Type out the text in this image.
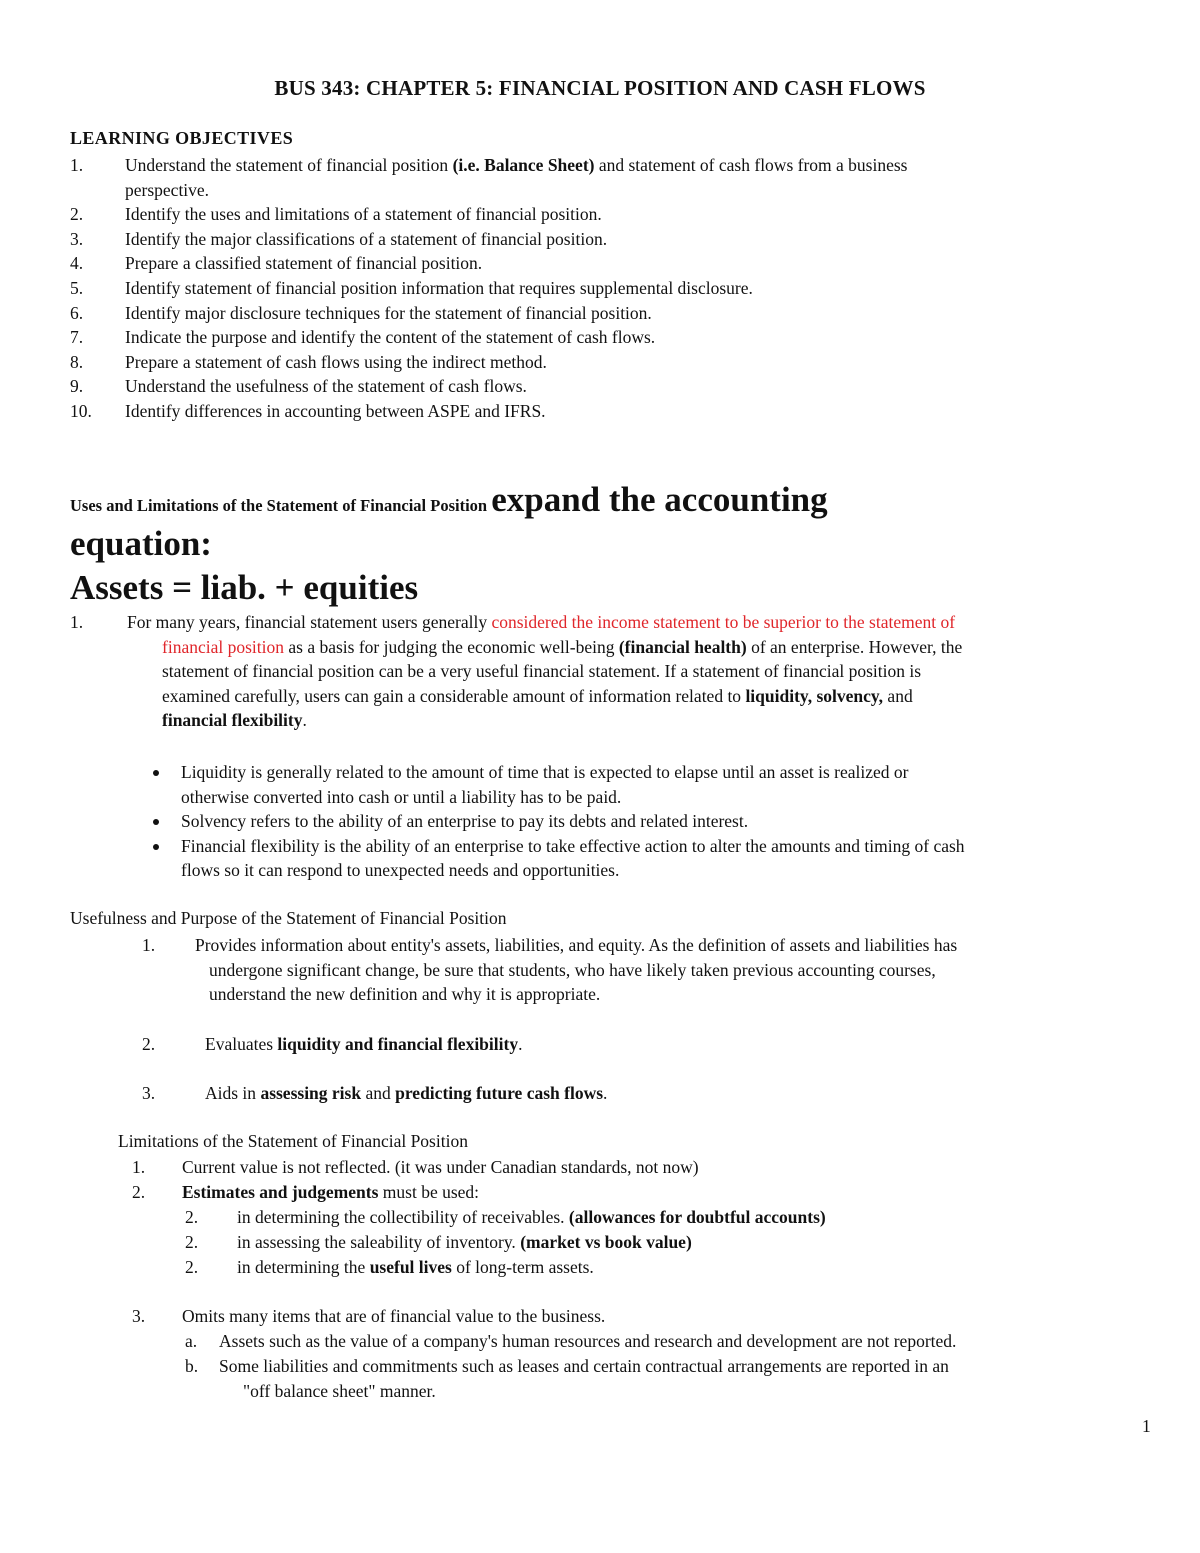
BUS 343: CHAPTER 5: FINANCIAL POSITION AND CASH FLOWS
LEARNING OBJECTIVES
1. Understand the statement of financial position (i.e. Balance Sheet) and statement of cash flows from a business
perspective.
2. Identify the uses and limitations of a statement of financial position.
3. Identify the major classifications of a statement of financial position.
4. Prepare a classified statement of financial position.
5. Identify statement of financial position information that requires supplemental disclosure.
6. Identify major disclosure techniques for the statement of financial position.
7. Indicate the purpose and identify the content of the statement of cash flows.
8. Prepare a statement of cash flows using the indirect method.
9. Understand the usefulness of the statement of cash flows.
10. Identify differences in accounting between ASPE and IFRS.
Uses and Limitations of the Statement of Financial Position expand the accounting
equation:
Assets = liab. + equities
1.	For many years, financial statement users generally considered the income statement to be superior to the statement of
financial position as a basis for judging the economic well-being (financial health) of an enterprise. However, the
statement of financial position can be a very useful financial statement. If a statement of financial position is
examined carefully, users can gain a considerable amount of information related to liquidity, solvency, and
financial flexibility.
Liquidity is generally related to the amount of time that is expected to elapse until an asset is realized or
otherwise converted into cash or until a liability has to be paid.
Solvency refers to the ability of an enterprise to pay its debts and related interest.
Financial flexibility is the ability of an enterprise to take effective action to alter the amounts and timing of cash
flows so it can respond to unexpected needs and opportunities.
Usefulness and Purpose of the Statement of Financial Position
1.	Provides information about entity's assets, liabilities, and equity. As the definition of assets and liabilities has
undergone significant change, be sure that students, who have likely taken previous accounting courses,
understand the new definition and why it is appropriate.
2.	Evaluates liquidity and financial flexibility.
3.	Aids in assessing risk and predicting future cash flows.
Limitations of the Statement of Financial Position
1.	Current value is not reflected. (it was under Canadian standards, not now)
2.	Estimates and judgements must be used:
2.	in determining the collectibility of receivables. (allowances for doubtful accounts)
2.	in assessing the saleability of inventory. (market vs book value)
2.	in determining the useful lives of long-term assets.
3.	Omits many items that are of financial value to the business.
a.	Assets such as the value of a company's human resources and research and development are not reported.
b.	Some liabilities and commitments such as leases and certain contractual arrangements are reported in an
"off balance sheet" manner.
1
